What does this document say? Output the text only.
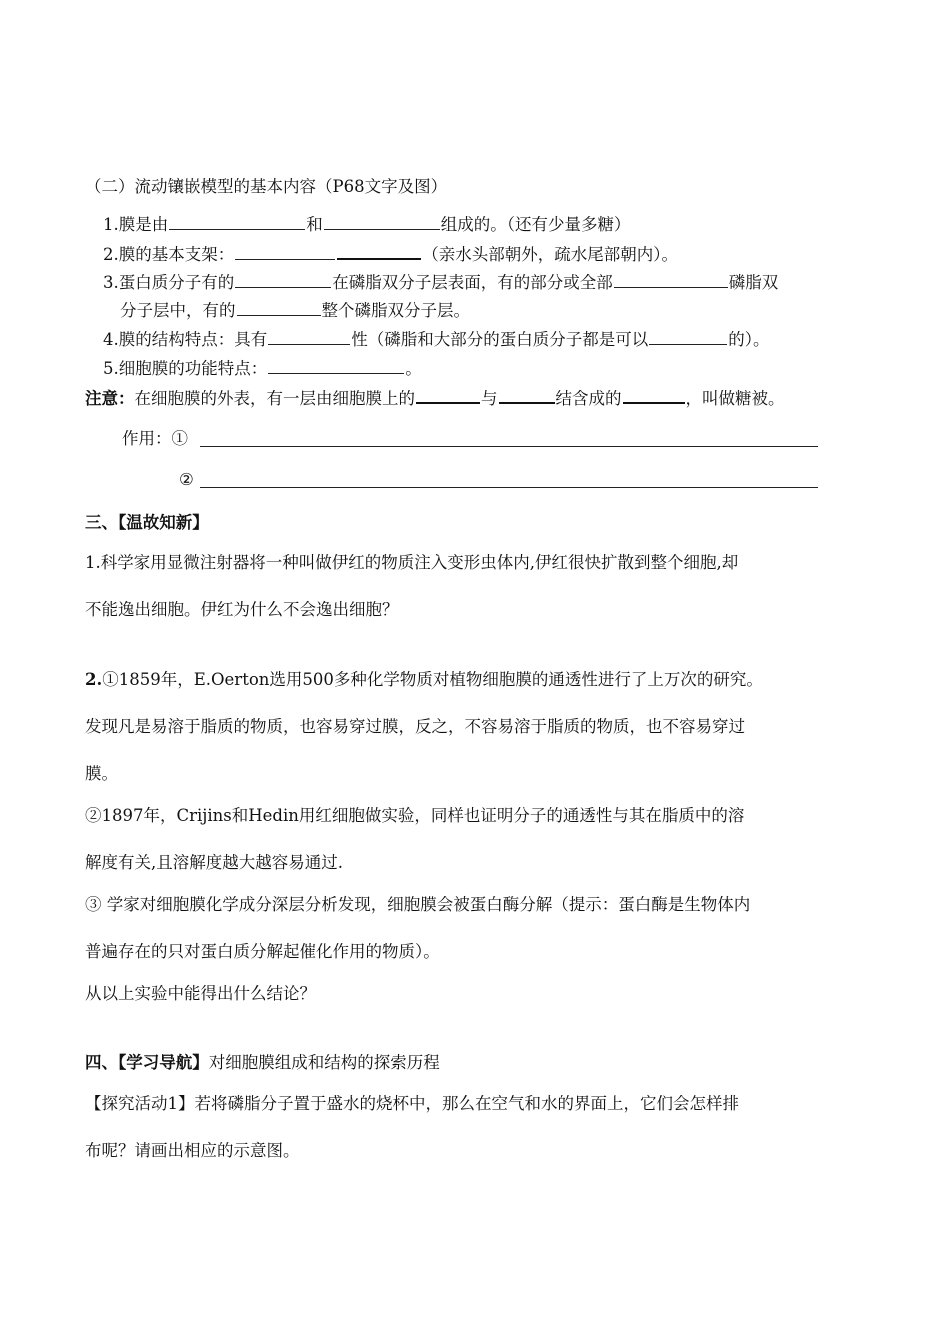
（二）流动镶嵌模型的基本内容（P68文字及图）
1.膜是由	和	组成的。（还有少量多糖）
2.膜的基本支架：	（亲水头部朝外，疏水尾部朝内）。
3.蛋白质分子有的	在磷脂双分子层表面，有的部分或全部	磷脂双
分子层中，有的	整个磷脂双分子层。
4.膜的结构特点：具有	性（磷脂和大部分的蛋白质分子都是可以	的）。
5.细胞膜的功能特点：	。
注意：在细胞膜的外表，有一层由细胞膜上的	与	结含成的	，叫做糖被。
作用：①
②
三、【温故知新】
1.科学家用显微注射器将一种叫做伊红的物质注入变形虫体内,伊红很快扩散到整个细胞,却
不能逸出细胞。伊红为什么不会逸出细胞？
2.①1859年，E.Oerton选用500多种化学物质对植物细胞膜的通透性进行了上万次的研究。
发现凡是易溶于脂质的物质，也容易穿过膜，反之，不容易溶于脂质的物质，也不容易穿过
膜。
②1897年，Crijins和Hedin用红细胞做实验，同样也证明分子的通透性与其在脂质中的溶
解度有关,且溶解度越大越容易通过.
③ 学家对细胞膜化学成分深层分析发现，细胞膜会被蛋白酶分解（提示：蛋白酶是生物体内
普遍存在的只对蛋白质分解起催化作用的物质）。
从以上实验中能得出什么结论？
四、【学习导航】对细胞膜组成和结构的探索历程
【探究活动1】若将磷脂分子置于盛水的烧杯中，那么在空气和水的界面上，它们会怎样排
布呢？请画出相应的示意图。
